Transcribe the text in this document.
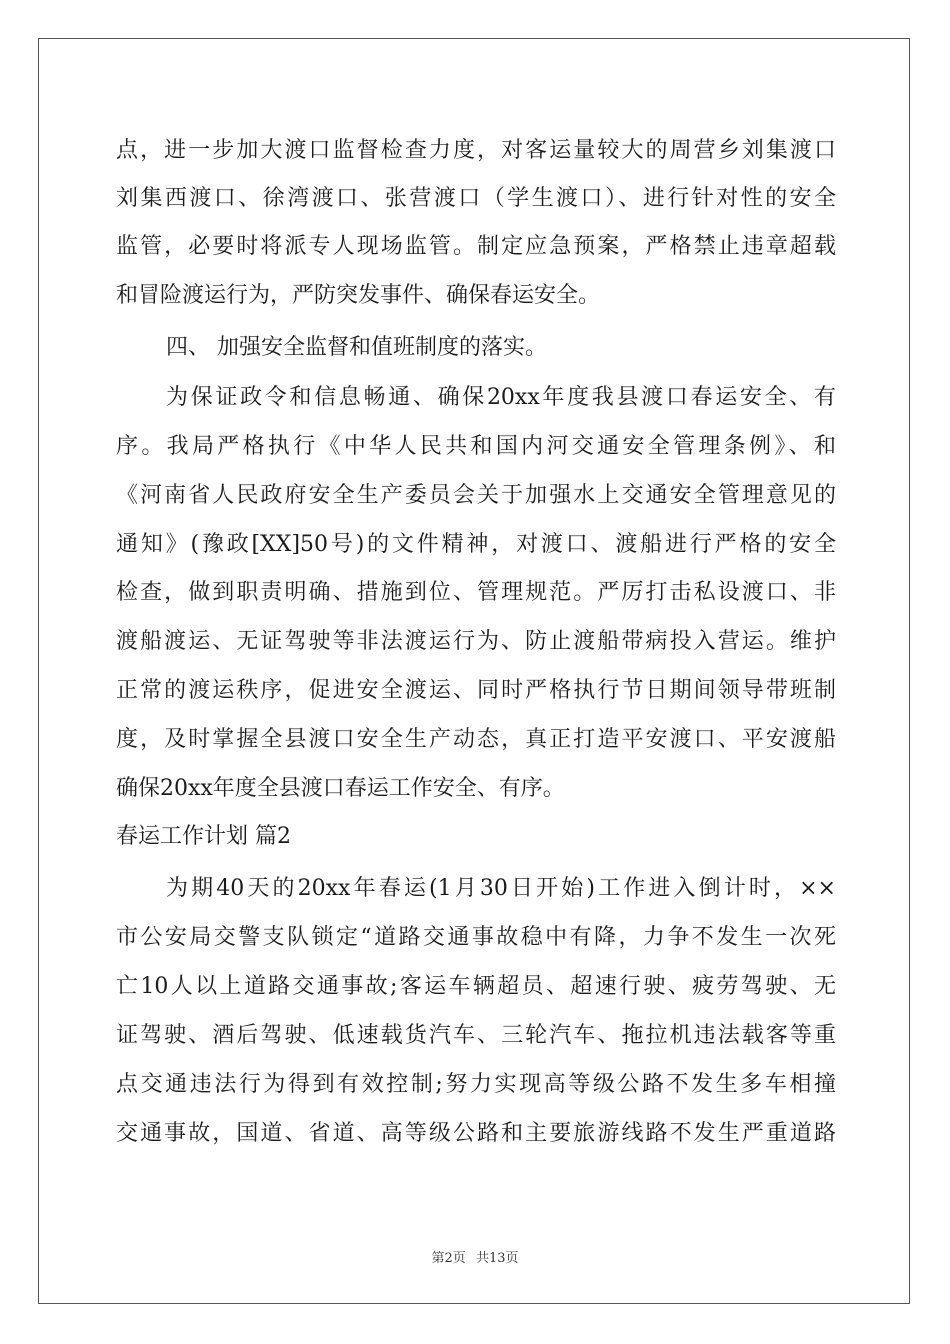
点，进一步加大渡口监督检查力度，对客运量较大的周营乡刘集渡口
刘集西渡口、徐湾渡口、张营渡口（学生渡口）、进行针对性的安全
监管，必要时将派专人现场监管。制定应急预案，严格禁止违章超载
和冒险渡运行为，严防突发事件、确保春运安全。
四、 加强安全监督和值班制度的落实。
为保证政令和信息畅通、确保20xx年度我县渡口春运安全、有
序。我局严格执行《中华人民共和国内河交通安全管理条例》、和
《河南省人民政府安全生产委员会关于加强水上交通安全管理意见的
通知》(豫政[XX]50号)的文件精神，对渡口、渡船进行严格的安全
检查，做到职责明确、措施到位、管理规范。严厉打击私设渡口、非
渡船渡运、无证驾驶等非法渡运行为、防止渡船带病投入营运。维护
正常的渡运秩序，促进安全渡运、同时严格执行节日期间领导带班制
度，及时掌握全县渡口安全生产动态，真正打造平安渡口、平安渡船
确保20xx年度全县渡口春运工作安全、有序。
春运工作计划 篇2
为期40天的20xx年春运(1月30日开始)工作进入倒计时，××
市公安局交警支队锁定“道路交通事故稳中有降，力争不发生一次死
亡10人以上道路交通事故;客运车辆超员、超速行驶、疲劳驾驶、无
证驾驶、酒后驾驶、低速载货汽车、三轮汽车、拖拉机违法载客等重
点交通违法行为得到有效控制;努力实现高等级公路不发生多车相撞
交通事故，国道、省道、高等级公路和主要旅游线路不发生严重道路
第2页 共13页
